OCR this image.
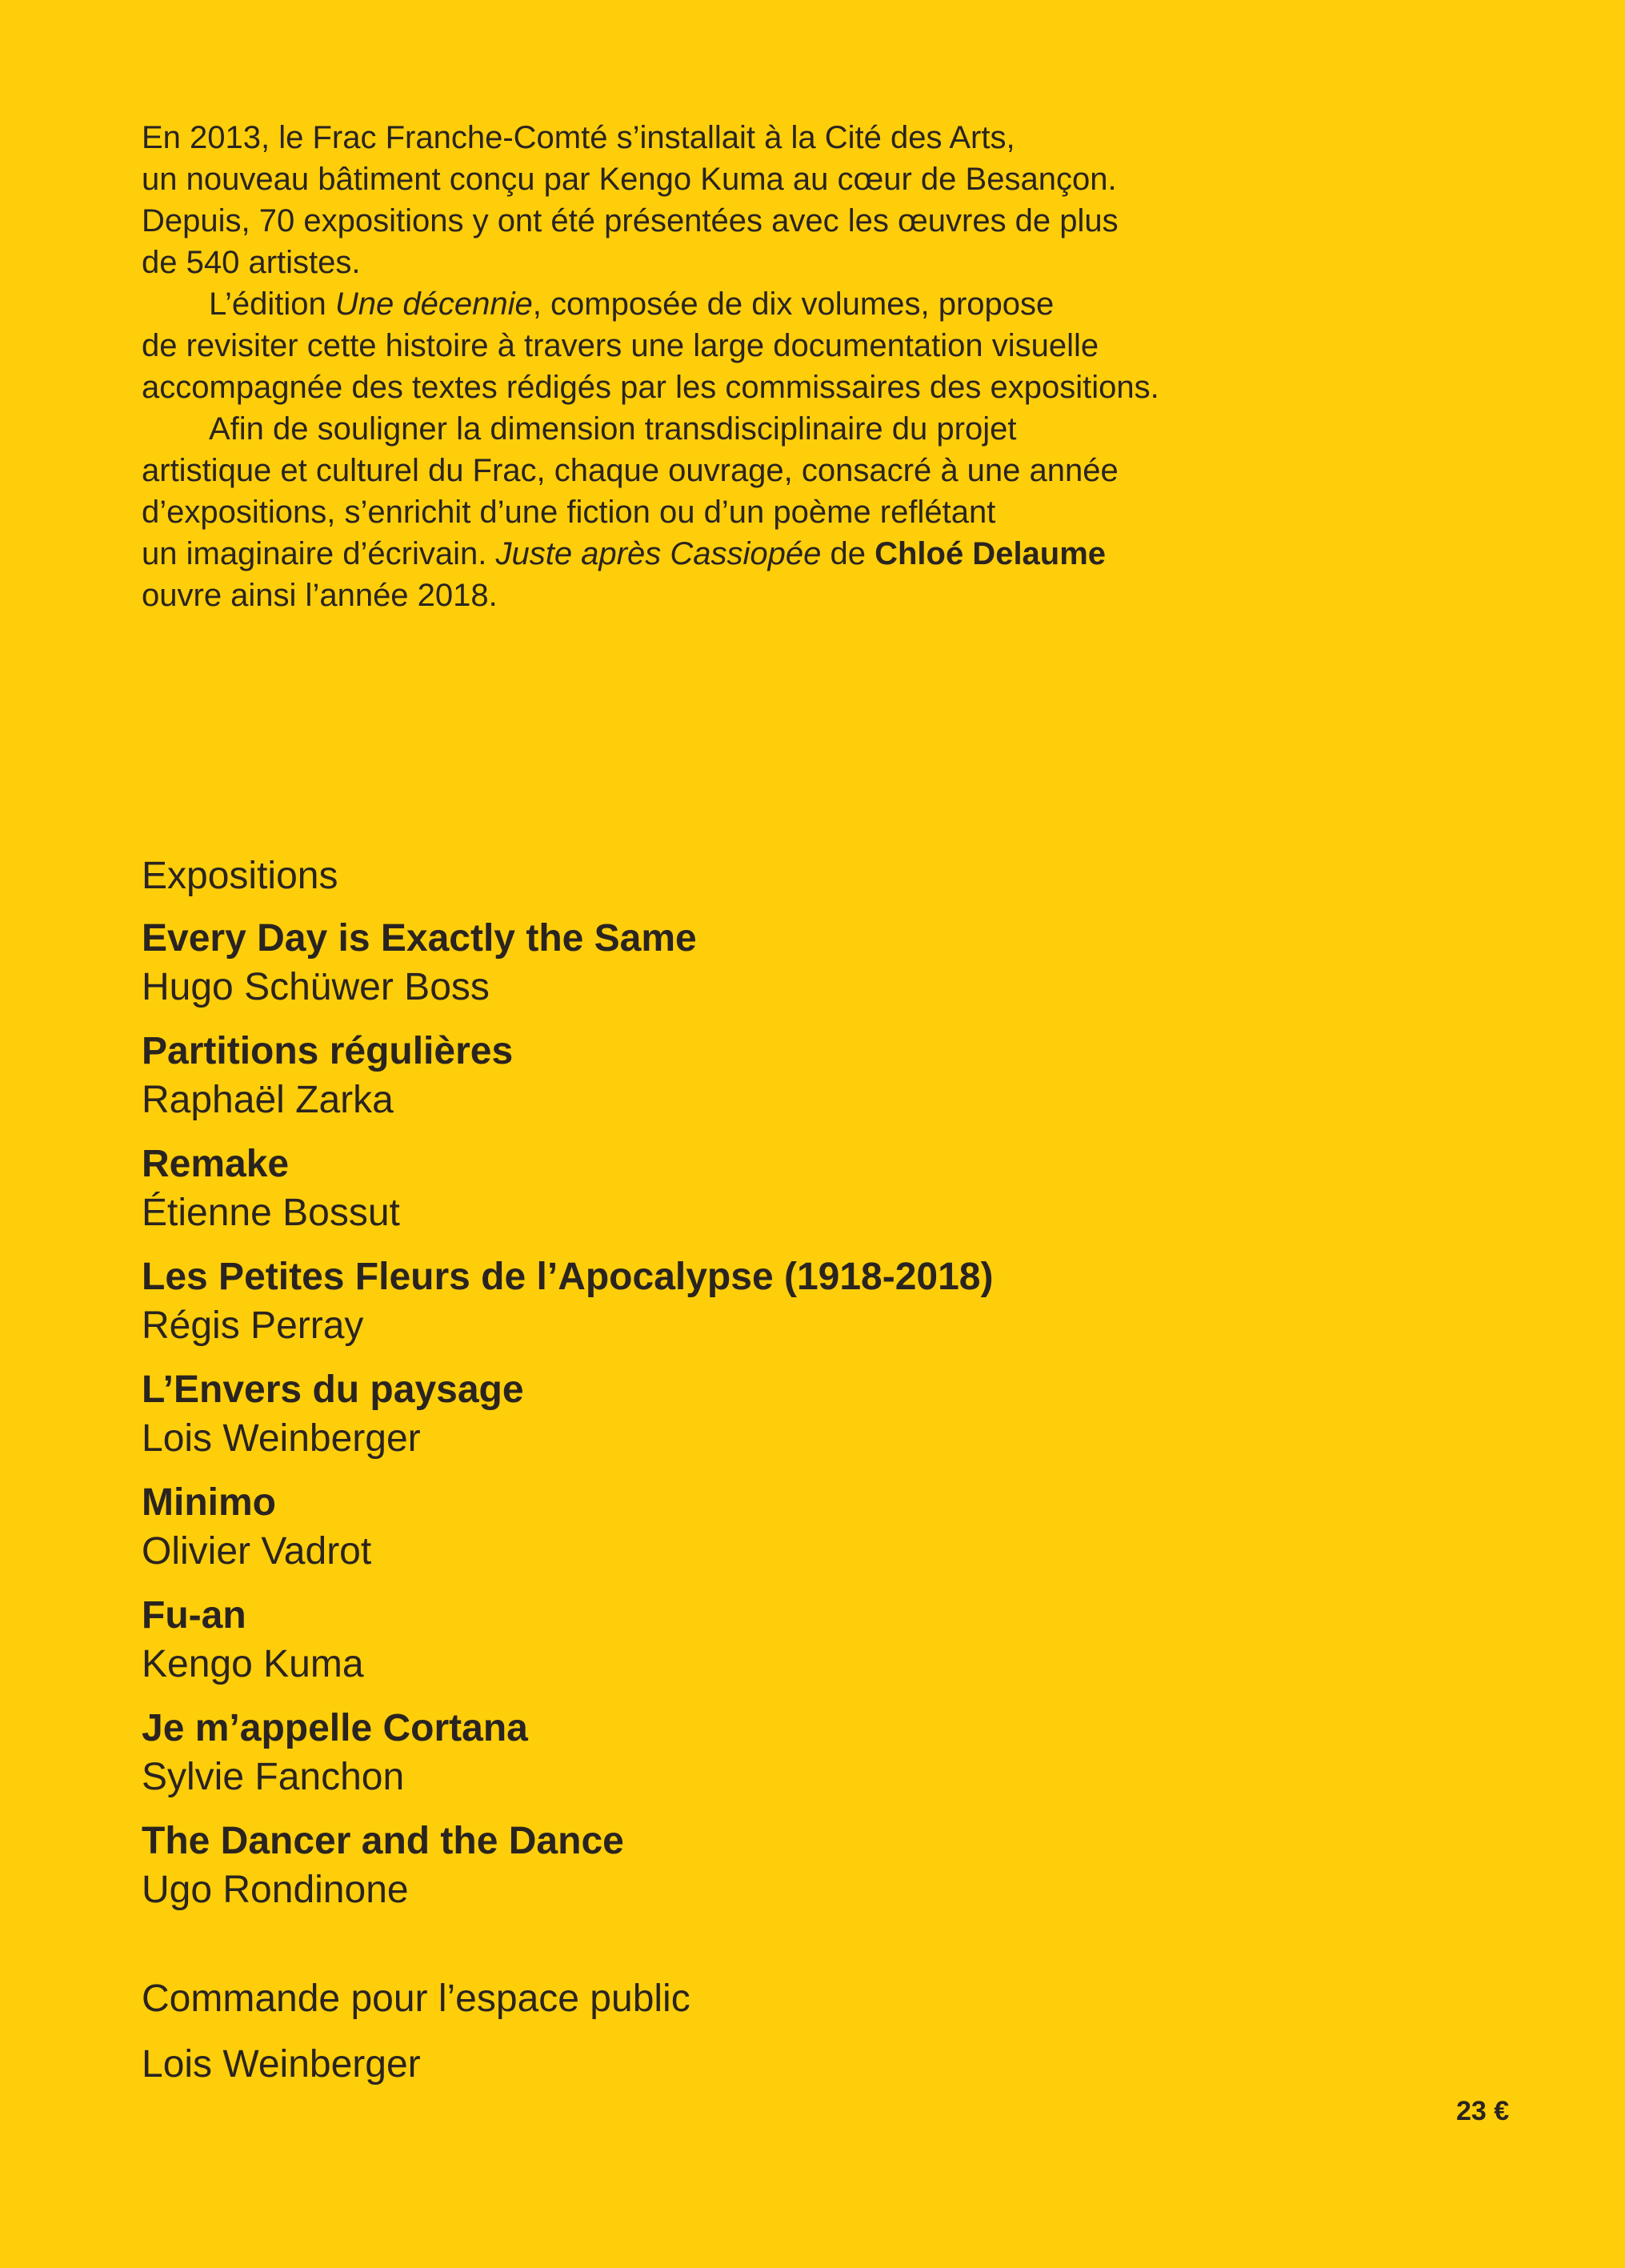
En 2013, le Frac Franche-Comté s’installait à la Cité des Arts,
un nouveau bâtiment conçu par Kengo Kuma au cœur de Besançon.
Depuis, 70 expositions y ont été présentées avec les œuvres de plus
de 540 artistes.
L’édition Une décennie, composée de dix volumes, propose
de revisiter cette histoire à travers une large documentation visuelle
accompagnée des textes rédigés par les commissaires des expositions.
Afin de souligner la dimension transdisciplinaire du projet
artistique et culturel du Frac, chaque ouvrage, consacré à une année
d’expositions, s’enrichit d’une fiction ou d’un poème reflétant
un imaginaire d’écrivain. Juste après Cassiopée de Chloé Delaume
ouvre ainsi l’année 2018.
Expositions
Every Day is Exactly the Same
Hugo Schüwer Boss
Partitions régulières
Raphaël Zarka
Remake
Étienne Bossut
Les Petites Fleurs de l’Apocalypse (1918-2018)
Régis Perray
L’Envers du paysage
Lois Weinberger
Minimo
Olivier Vadrot
Fu-an
Kengo Kuma
Je m’appelle Cortana
Sylvie Fanchon
The Dancer and the Dance
Ugo Rondinone
Commande pour l’espace public
Lois Weinberger
23 €
